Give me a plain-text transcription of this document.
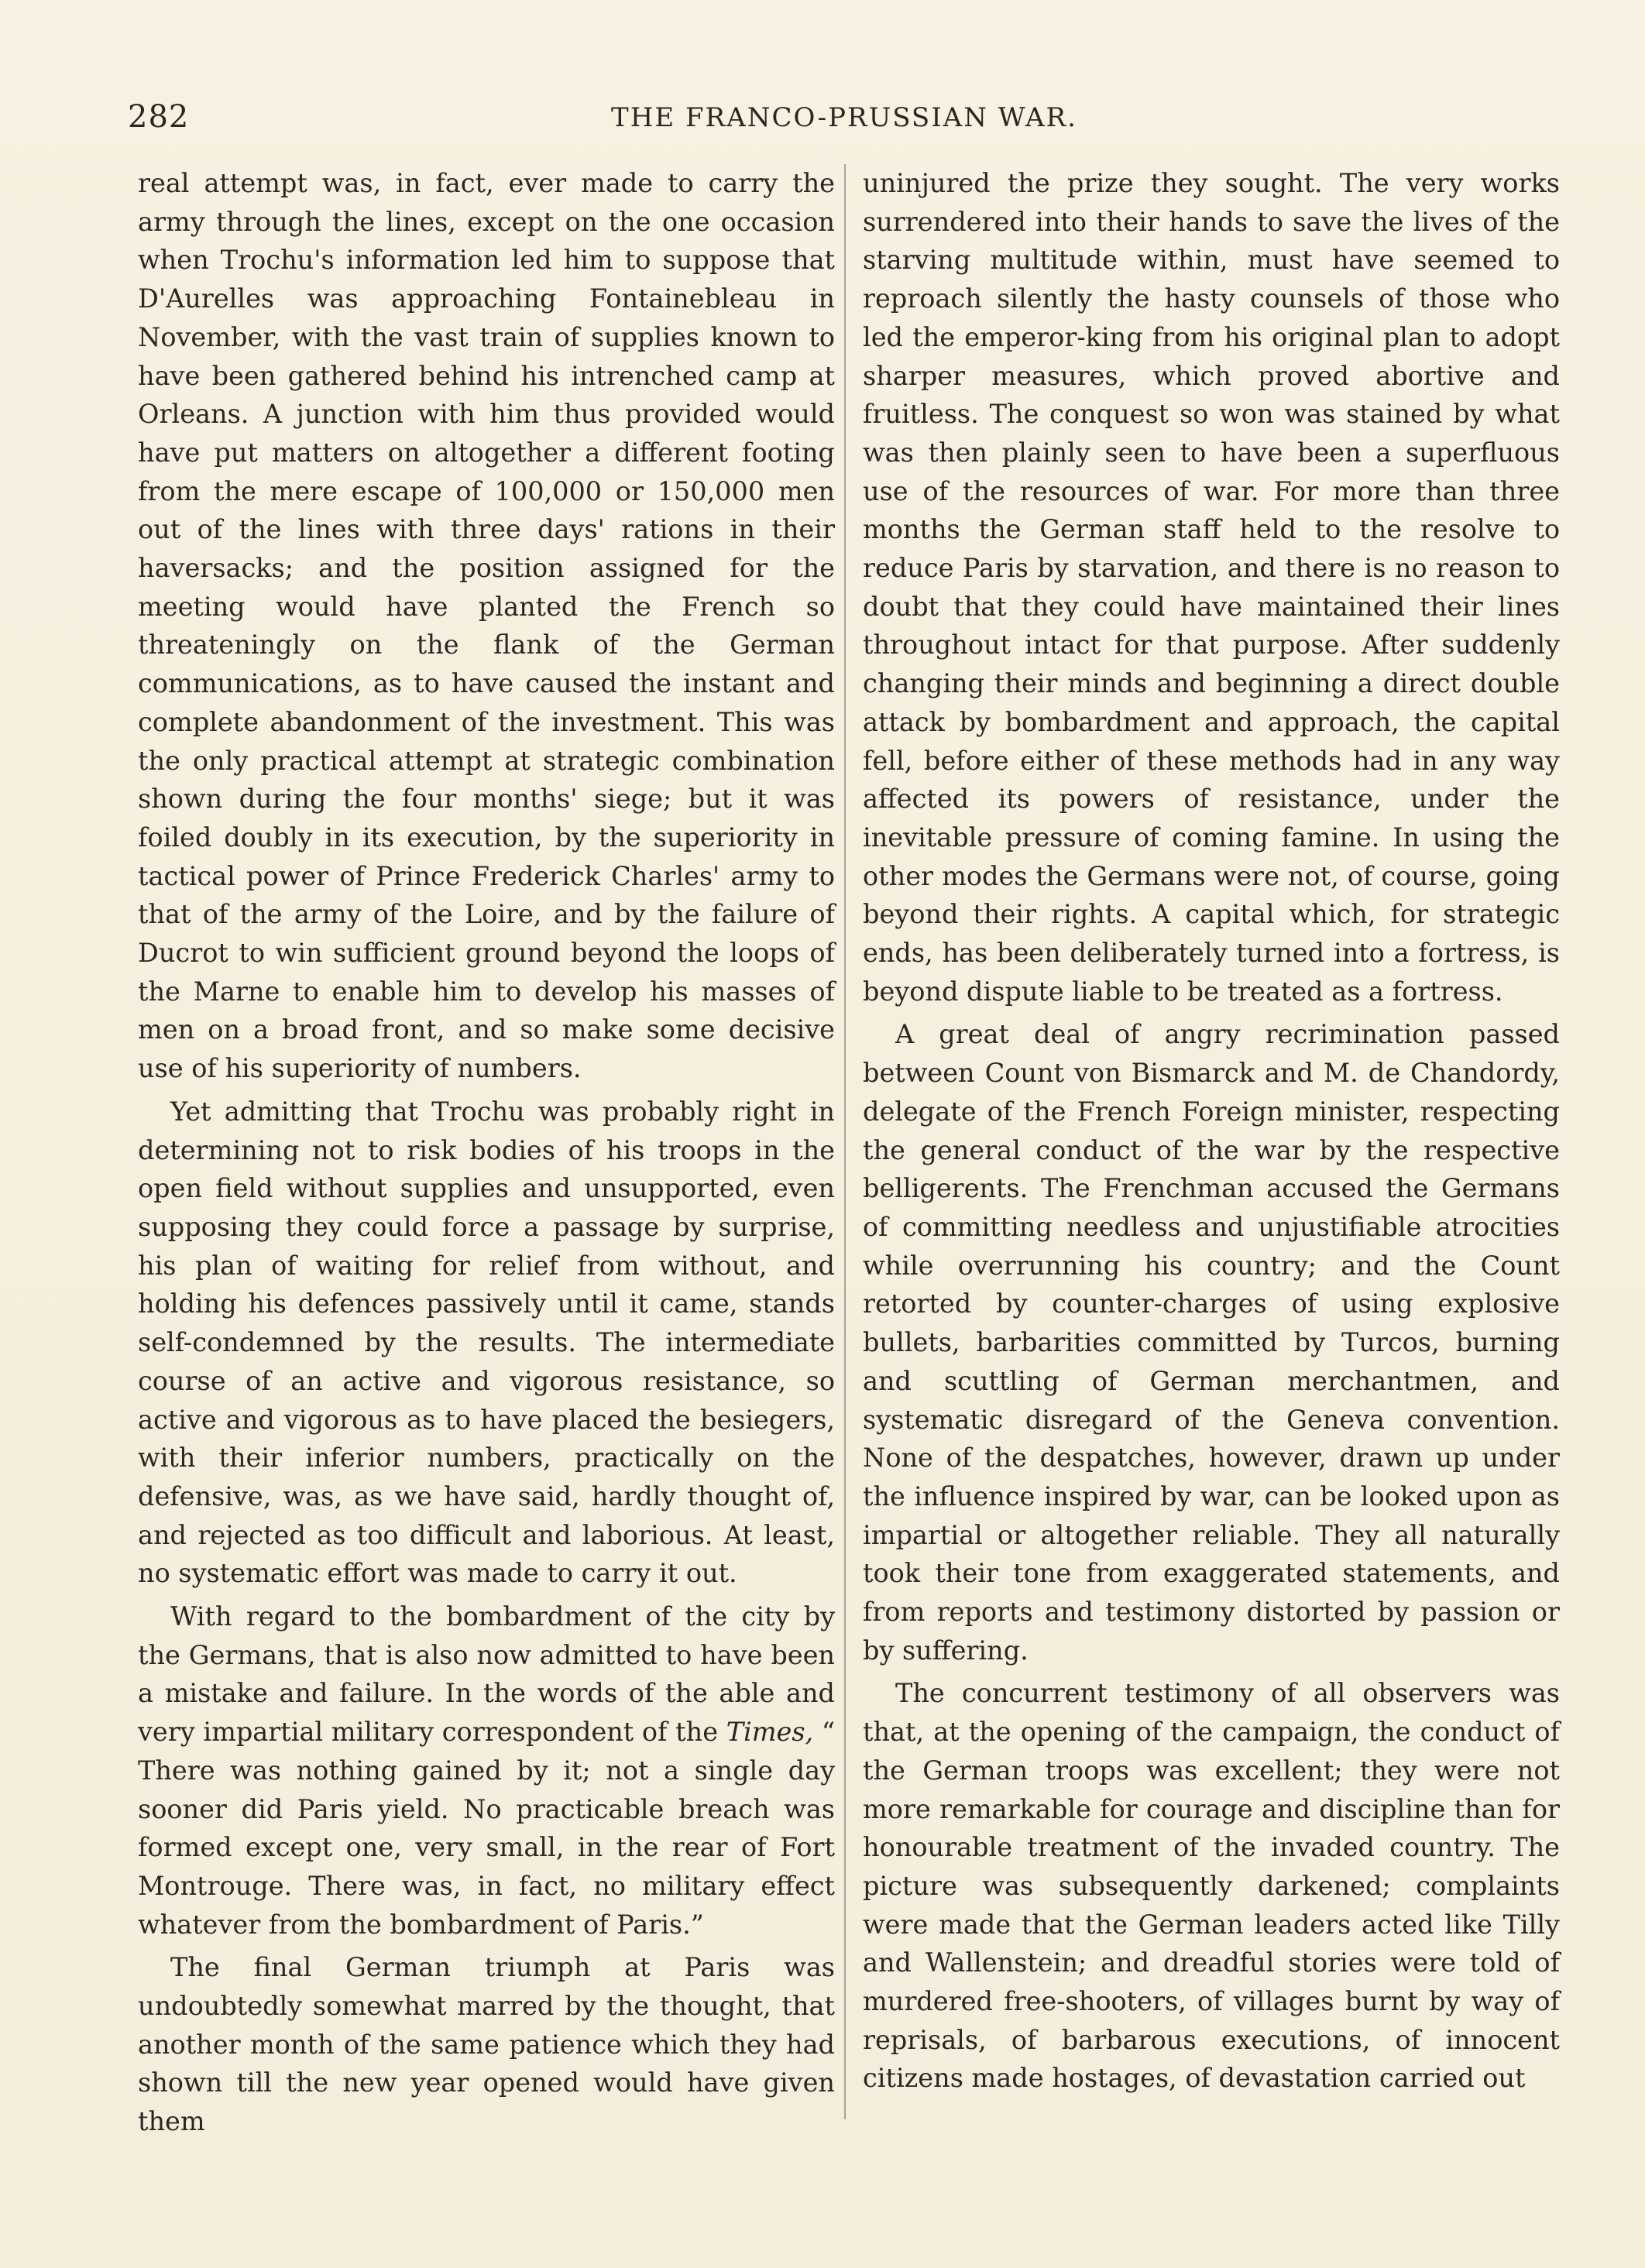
282	THE FRANCO-PRUSSIAN WAR.

real attempt was, in fact, ever made to carry the army through the lines, except on the one occasion when Trochu's information led him to suppose that D'Aurelles was approaching Fontainebleau in November, with the vast train of supplies known to have been gathered behind his intrenched camp at Orleans. A junction with him thus provided would have put matters on altogether a different footing from the mere escape of 100,000 or 150,000 men out of the lines with three days' rations in their haversacks; and the position assigned for the meeting would have planted the French so threateningly on the flank of the German communications, as to have caused the instant and complete abandonment of the investment. This was the only practical attempt at strategic combination shown during the four months' siege; but it was foiled doubly in its execution, by the superiority in tactical power of Prince Frederick Charles' army to that of the army of the Loire, and by the failure of Ducrot to win sufficient ground beyond the loops of the Marne to enable him to develop his masses of men on a broad front, and so make some decisive use of his superiority of numbers.

Yet admitting that Trochu was probably right in determining not to risk bodies of his troops in the open field without supplies and unsupported, even supposing they could force a passage by surprise, his plan of waiting for relief from without, and holding his defences passively until it came, stands self-condemned by the results. The intermediate course of an active and vigorous resistance, so active and vigorous as to have placed the besiegers, with their inferior numbers, practically on the defensive, was, as we have said, hardly thought of, and rejected as too difficult and laborious. At least, no systematic effort was made to carry it out.

With regard to the bombardment of the city by the Germans, that is also now admitted to have been a mistake and failure. In the words of the able and very impartial military correspondent of the Times, “ There was nothing gained by it; not a single day sooner did Paris yield. No practicable breach was formed except one, very small, in the rear of Fort Montrouge. There was, in fact, no military effect whatever from the bombardment of Paris.”

The final German triumph at Paris was undoubtedly somewhat marred by the thought, that another month of the same patience which they had shown till the new year opened would have given them

uninjured the prize they sought. The very works surrendered into their hands to save the lives of the starving multitude within, must have seemed to reproach silently the hasty counsels of those who led the emperor-king from his original plan to adopt sharper measures, which proved abortive and fruitless. The conquest so won was stained by what was then plainly seen to have been a superfluous use of the resources of war. For more than three months the German staff held to the resolve to reduce Paris by starvation, and there is no reason to doubt that they could have maintained their lines throughout intact for that purpose. After suddenly changing their minds and beginning a direct double attack by bombardment and approach, the capital fell, before either of these methods had in any way affected its powers of resistance, under the inevitable pressure of coming famine. In using the other modes the Germans were not, of course, going beyond their rights. A capital which, for strategic ends, has been deliberately turned into a fortress, is beyond dispute liable to be treated as a fortress.

A great deal of angry recrimination passed between Count von Bismarck and M. de Chandordy, delegate of the French Foreign minister, respecting the general conduct of the war by the respective belligerents. The Frenchman accused the Germans of committing needless and unjustifiable atrocities while overrunning his country; and the Count retorted by counter-charges of using explosive bullets, barbarities committed by Turcos, burning and scuttling of German merchantmen, and systematic disregard of the Geneva convention. None of the despatches, however, drawn up under the influence inspired by war, can be looked upon as impartial or altogether reliable. They all naturally took their tone from exaggerated statements, and from reports and testimony distorted by passion or by suffering.

The concurrent testimony of all observers was that, at the opening of the campaign, the conduct of the German troops was excellent; they were not more remarkable for courage and discipline than for honourable treatment of the invaded country. The picture was subsequently darkened; complaints were made that the German leaders acted like Tilly and Wallenstein; and dreadful stories were told of murdered free-shooters, of villages burnt by way of reprisals, of barbarous executions, of innocent citizens made hostages, of devastation carried out
